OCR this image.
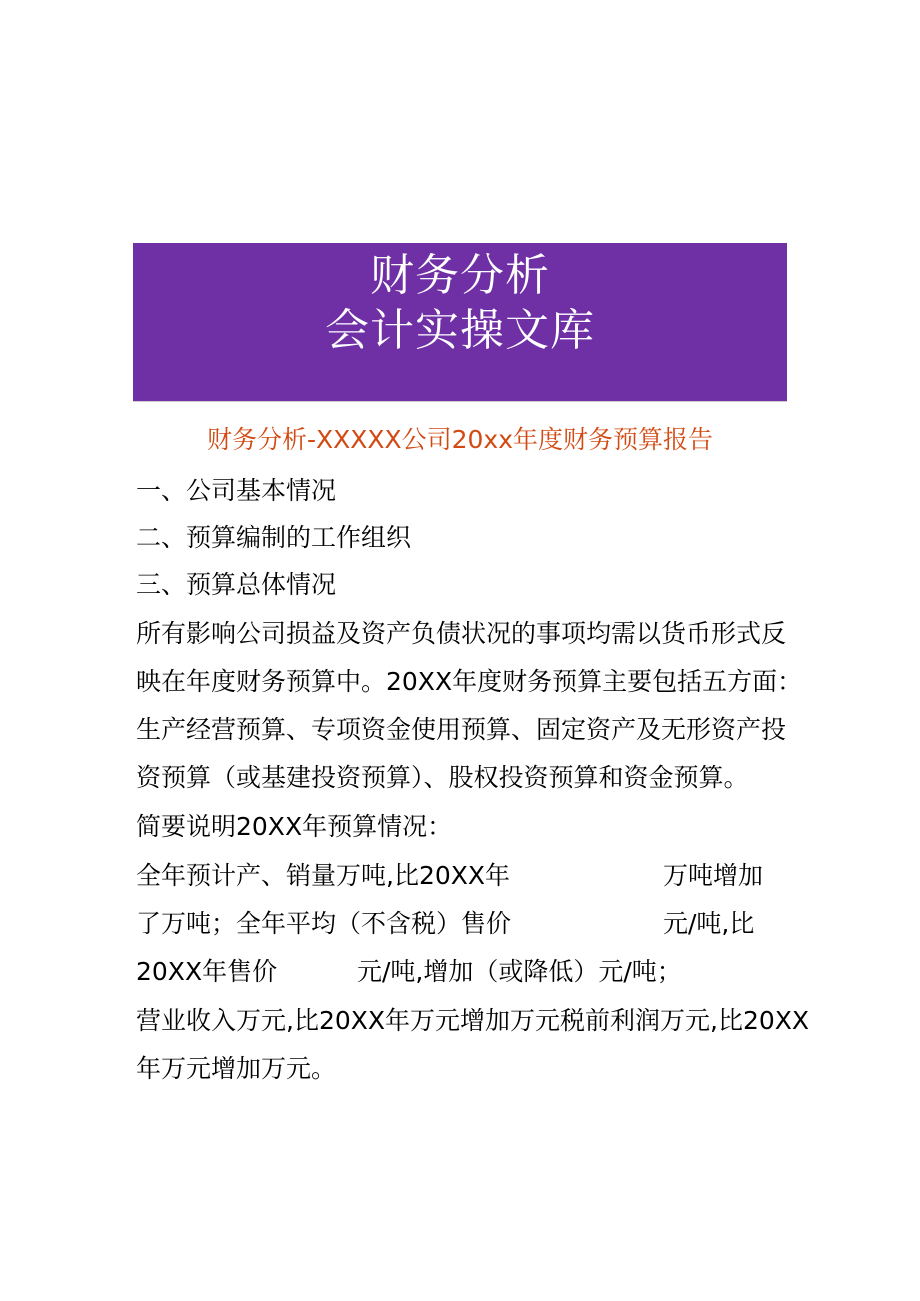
财务分析
会计实操文库
财务分析-XXXXX公司20xx年度财务预算报告
一、公司基本情况
二、预算编制的工作组织
三、预算总体情况
所有影响公司损益及资产负债状况的事项均需以货币形式反
映在年度财务预算中。20XX年度财务预算主要包括五方面：
生产经营预算、专项资金使用预算、固定资产及无形资产投
资预算（或基建投资预算）、股权投资预算和资金预算。
简要说明20XX年预算情况：
全年预计产、销量万吨,比20XX年	万吨增加
了万吨；全年平均（不含税）售价	元/吨,比
20XX年售价	元/吨,增加（或降低）元/吨；
营业收入万元,比20XX年万元增加万元税前利润万元,比20XX
年万元增加万元。
